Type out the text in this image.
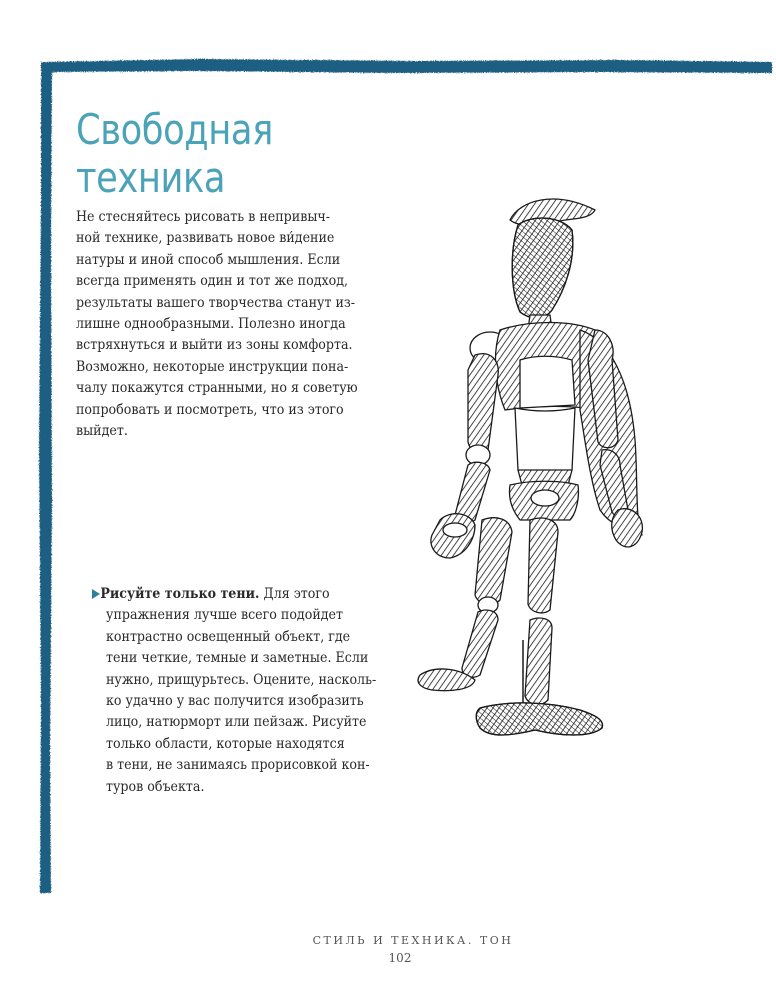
Свободная
техника

Не стесняйтесь рисовать в непривыч-
ной технике, развивать новое ви́дение
натуры и иной способ мышления. Если
всегда применять один и тот же подход,
результаты вашего творчества станут из-
лишне однообразными. Полезно иногда
встряхнуться и выйти из зоны комфорта.
Возможно, некоторые инструкции пона-
чалу покажутся странными, но я советую
попробовать и посмотреть, что из этого
выйдет.

Рисуйте только тени. Для этого
упражнения лучше всего подойдет
контрастно освещенный объект, где
тени четкие, темные и заметные. Если
нужно, прищурьтесь. Оцените, насколь-
ко удачно у вас получится изобразить
лицо, натюрморт или пейзаж. Рисуйте
только области, которые находятся
в тени, не занимаясь прорисовкой кон-
туров объекта.

СТИЛЬ И ТЕХНИКА. ТОН
102
